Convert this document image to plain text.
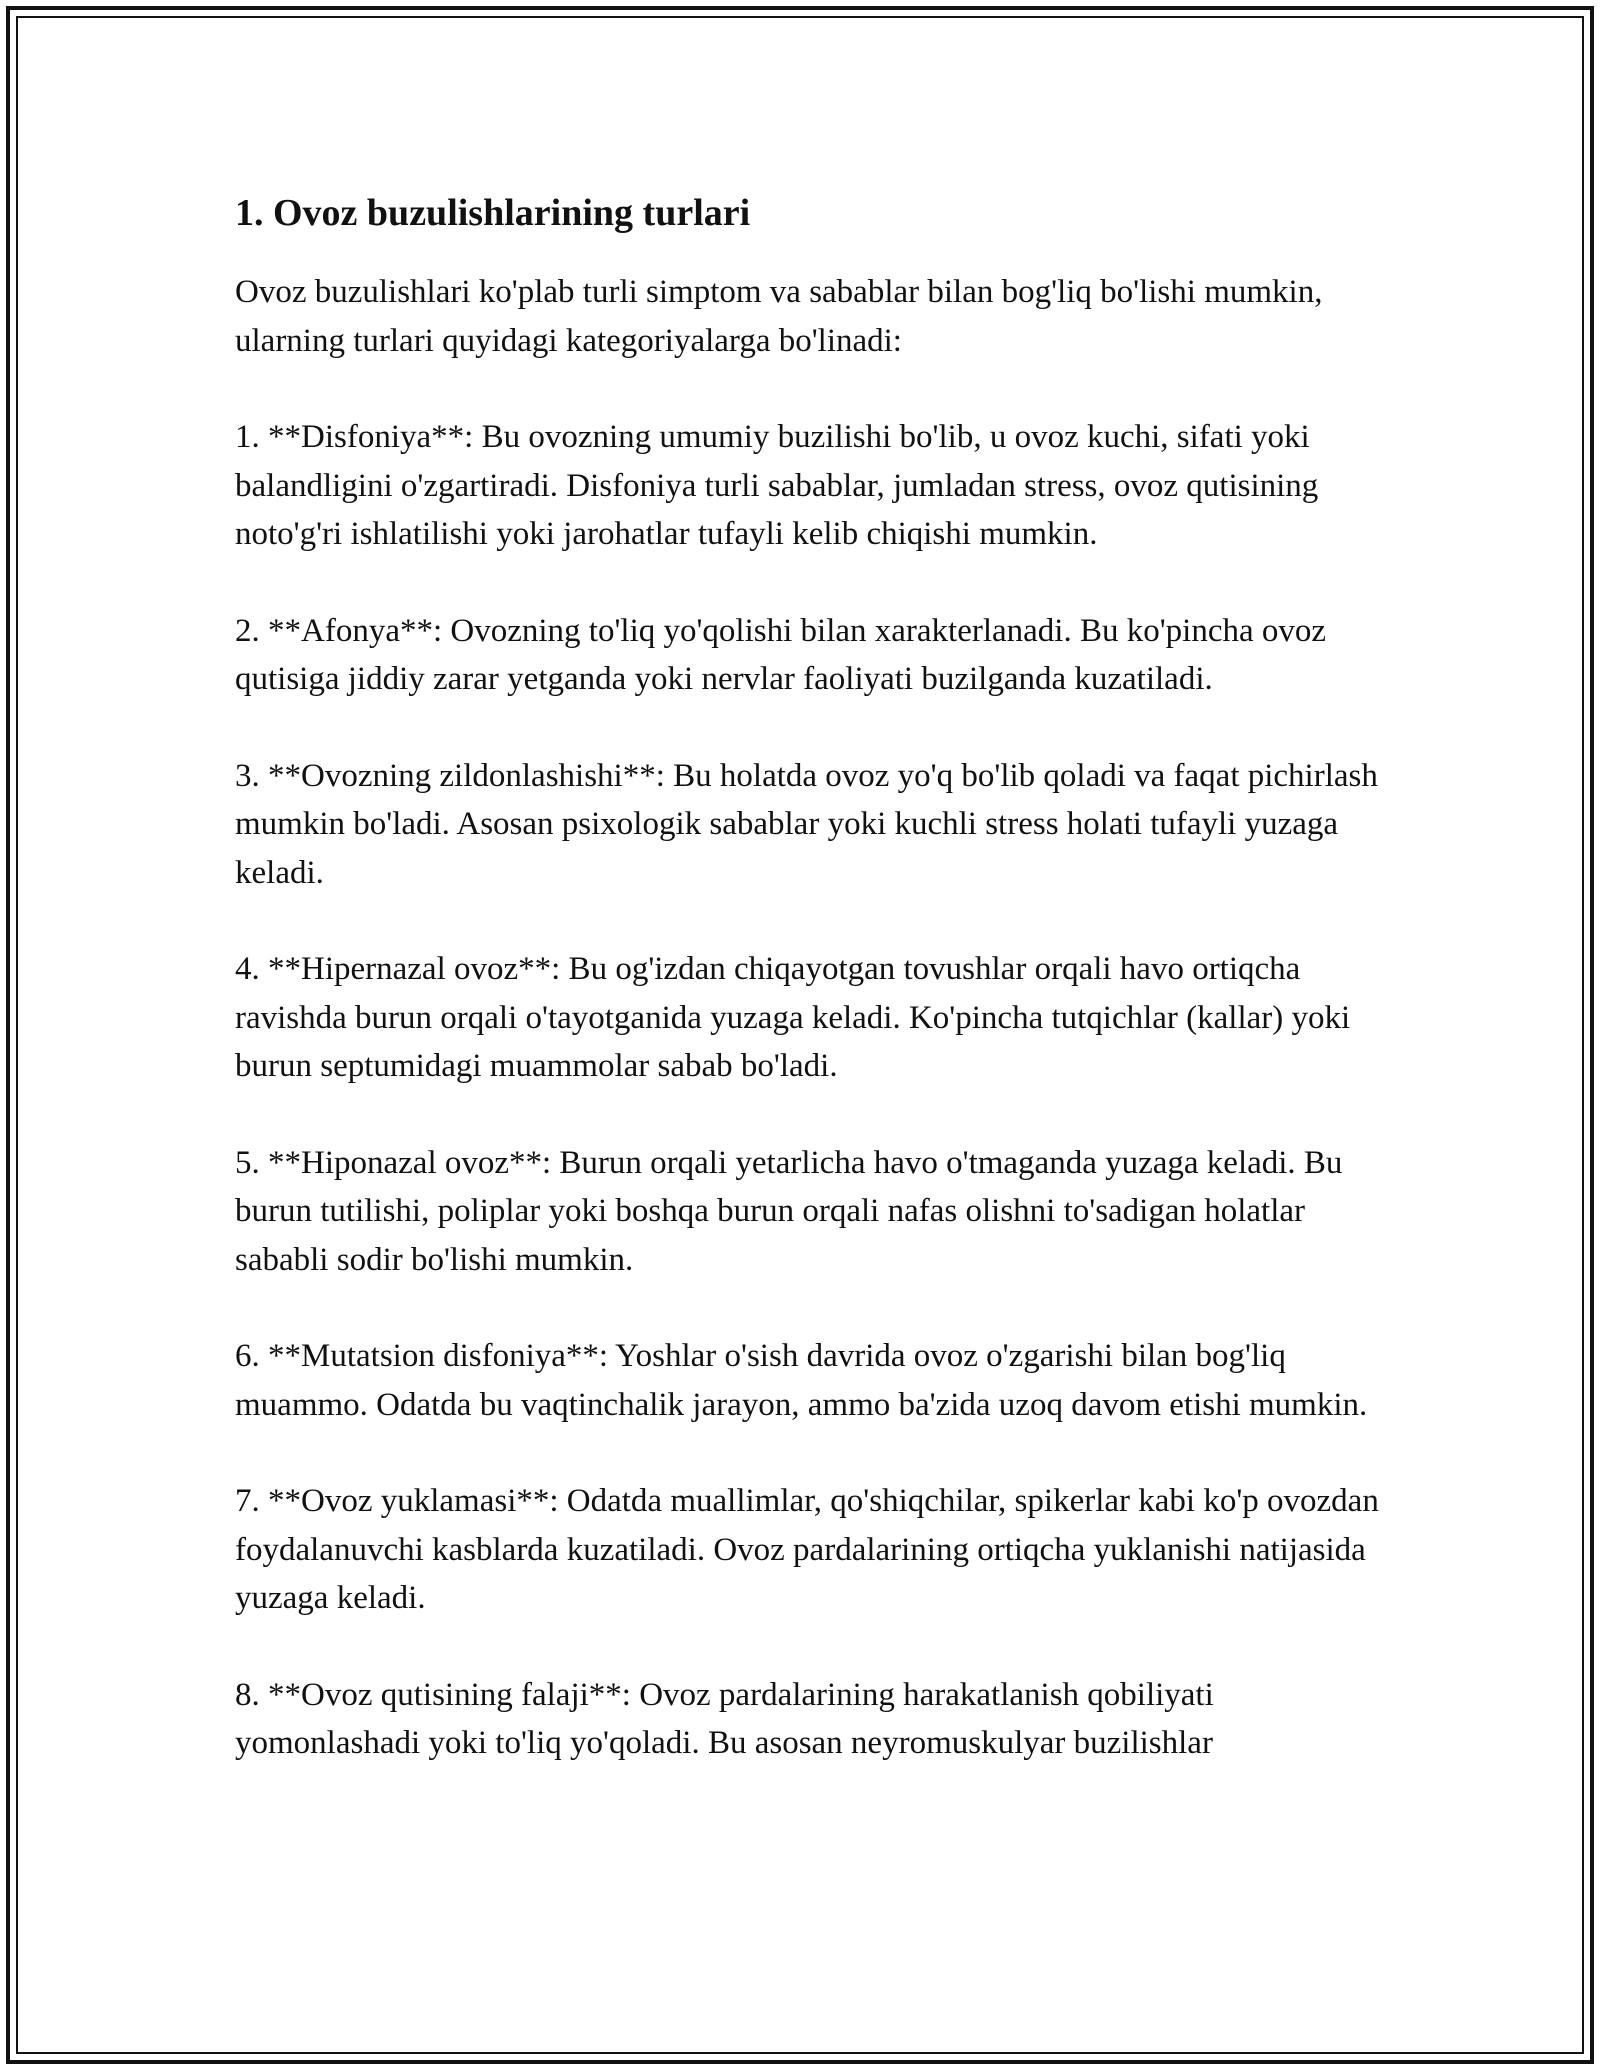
1. Ovoz buzulishlarining turlari

Ovoz buzulishlari ko'plab turli simptom va sabablar bilan bog'liq bo'lishi mumkin, ularning turlari quyidagi kategoriyalarga bo'linadi:

1. **Disfoniya**: Bu ovozning umumiy buzilishi bo'lib, u ovoz kuchi, sifati yoki balandligini o'zgartiradi. Disfoniya turli sabablar, jumladan stress, ovoz qutisining noto'g'ri ishlatilishi yoki jarohatlar tufayli kelib chiqishi mumkin.

2. **Afonya**: Ovozning to'liq yo'qolishi bilan xarakterlanadi. Bu ko'pincha ovoz qutisiga jiddiy zarar yetganda yoki nervlar faoliyati buzilganda kuzatiladi.

3. **Ovozning zildonlashishi**: Bu holatda ovoz yo'q bo'lib qoladi va faqat pichirlash mumkin bo'ladi. Asosan psixologik sabablar yoki kuchli stress holati tufayli yuzaga keladi.

4. **Hipernazal ovoz**: Bu og'izdan chiqayotgan tovushlar orqali havo ortiqcha ravishda burun orqali o'tayotganida yuzaga keladi. Ko'pincha tutqichlar (kallar) yoki burun septumidagi muammolar sabab bo'ladi.

5. **Hiponazal ovoz**: Burun orqali yetarlicha havo o'tmaganda yuzaga keladi. Bu burun tutilishi, poliplar yoki boshqa burun orqali nafas olishni to'sadigan holatlar sababli sodir bo'lishi mumkin.

6. **Mutatsion disfoniya**: Yoshlar o'sish davrida ovoz o'zgarishi bilan bog'liq muammo. Odatda bu vaqtinchalik jarayon, ammo ba'zida uzoq davom etishi mumkin.

7. **Ovoz yuklamasi**: Odatda muallimlar, qo'shiqchilar, spikerlar kabi ko'p ovozdan foydalanuvchi kasblarda kuzatiladi. Ovoz pardalarining ortiqcha yuklanishi natijasida yuzaga keladi.

8. **Ovoz qutisining falaji**: Ovoz pardalarining harakatlanish qobiliyati yomonlashadi yoki to'liq yo'qoladi. Bu asosan neyromuskulyar buzilishlar
